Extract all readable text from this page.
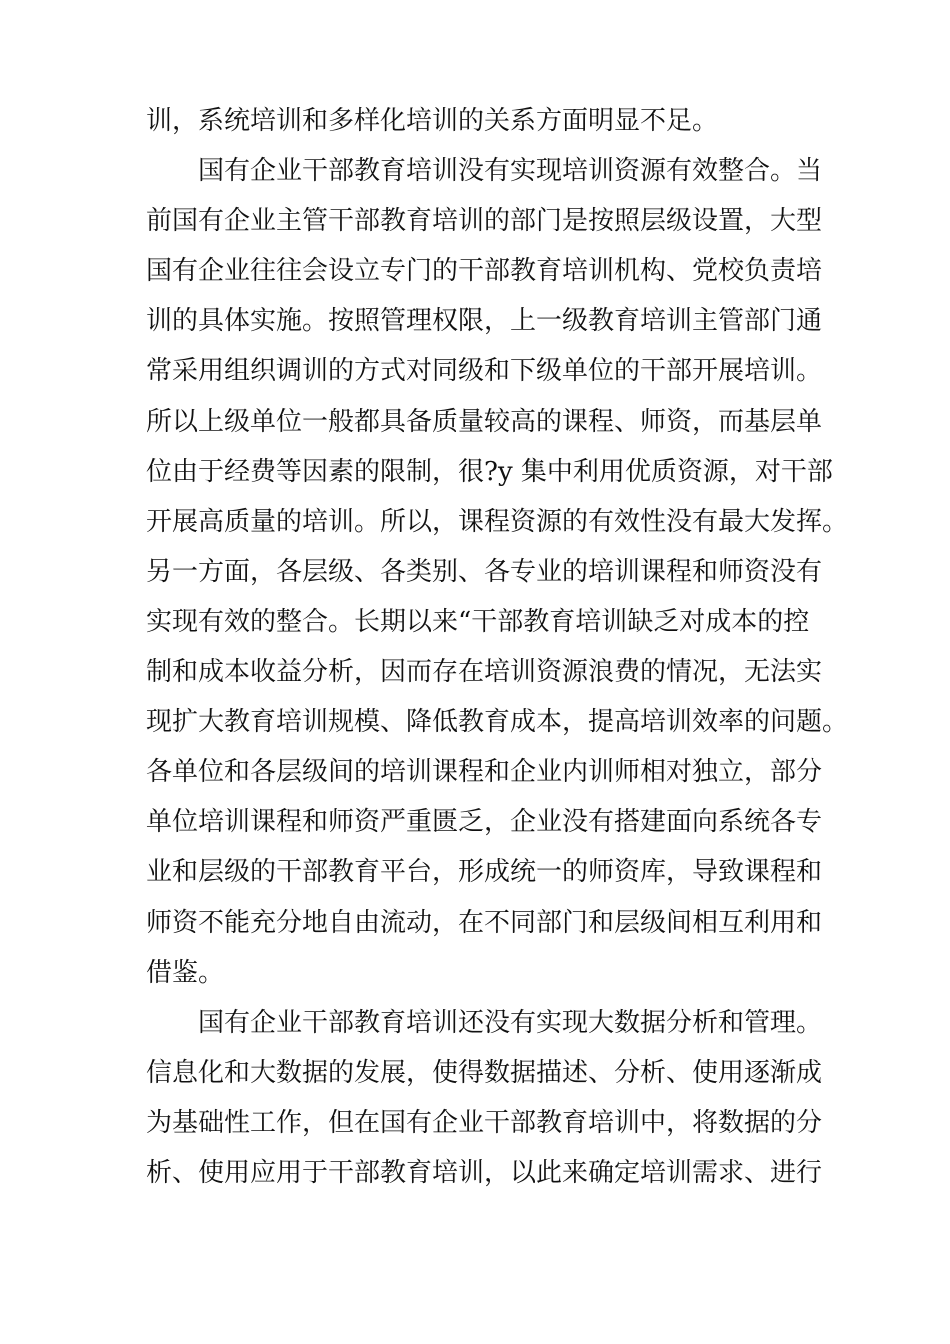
训，系统培训和多样化培训的关系方面明显不足。
国有企业干部教育培训没有实现培训资源有效整合。当
前国有企业主管干部教育培训的部门是按照层级设置，大型
国有企业往往会设立专门的干部教育培训机构、党校负责培
训的具体实施。按照管理权限，上一级教育培训主管部门通
常采用组织调训的方式对同级和下级单位的干部开展培训。
所以上级单位一般都具备质量较高的课程、师资，而基层单
位由于经费等因素的限制，很?y 集中利用优质资源，对干部
开展高质量的培训。所以，课程资源的有效性没有最大发挥。
另一方面，各层级、各类别、各专业的培训课程和师资没有
实现有效的整合。长期以来“干部教育培训缺乏对成本的控
制和成本收益分析，因而存在培训资源浪费的情况，无法实
现扩大教育培训规模、降低教育成本，提高培训效率的问题。
各单位和各层级间的培训课程和企业内训师相对独立，部分
单位培训课程和师资严重匮乏，企业没有搭建面向系统各专
业和层级的干部教育平台，形成统一的师资库，导致课程和
师资不能充分地自由流动，在不同部门和层级间相互利用和
借鉴。
国有企业干部教育培训还没有实现大数据分析和管理。
信息化和大数据的发展，使得数据描述、分析、使用逐渐成
为基础性工作，但在国有企业干部教育培训中，将数据的分
析、使用应用于干部教育培训，以此来确定培训需求、进行
